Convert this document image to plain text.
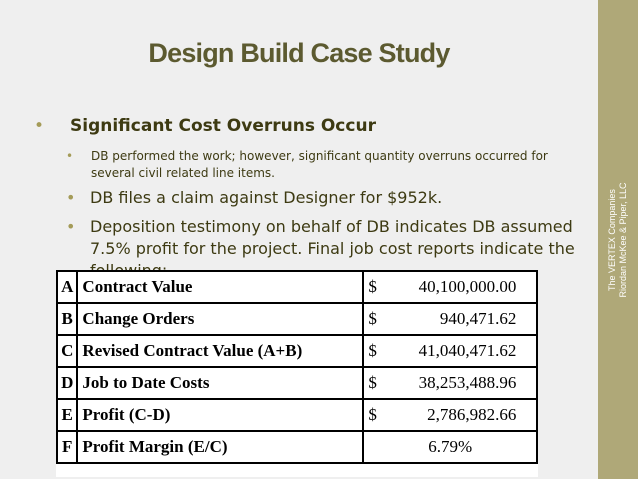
The VERTEX Companies Riordan McKee & Piper, LLC
Design Build Case Study
• Significant Cost Overruns Occur
• DB performed the work; however, significant quantity overruns occurred for several civil related line items.
• DB files a claim against Designer for $952k.
• Deposition testimony on behalf of DB indicates DB assumed 7.5% profit for the project. Final job cost reports indicate the
A	Contract Value	$ 40,100,000.00
B	Change Orders	$ 940,471.62
C	Revised Contract Value (A+B)	$ 41,040,471.62
D	Job to Date Costs	$ 38,253,488.96
E	Profit (C-D)	$ 2,786,982.66
F	Profit Margin (E/C)	6.79%
